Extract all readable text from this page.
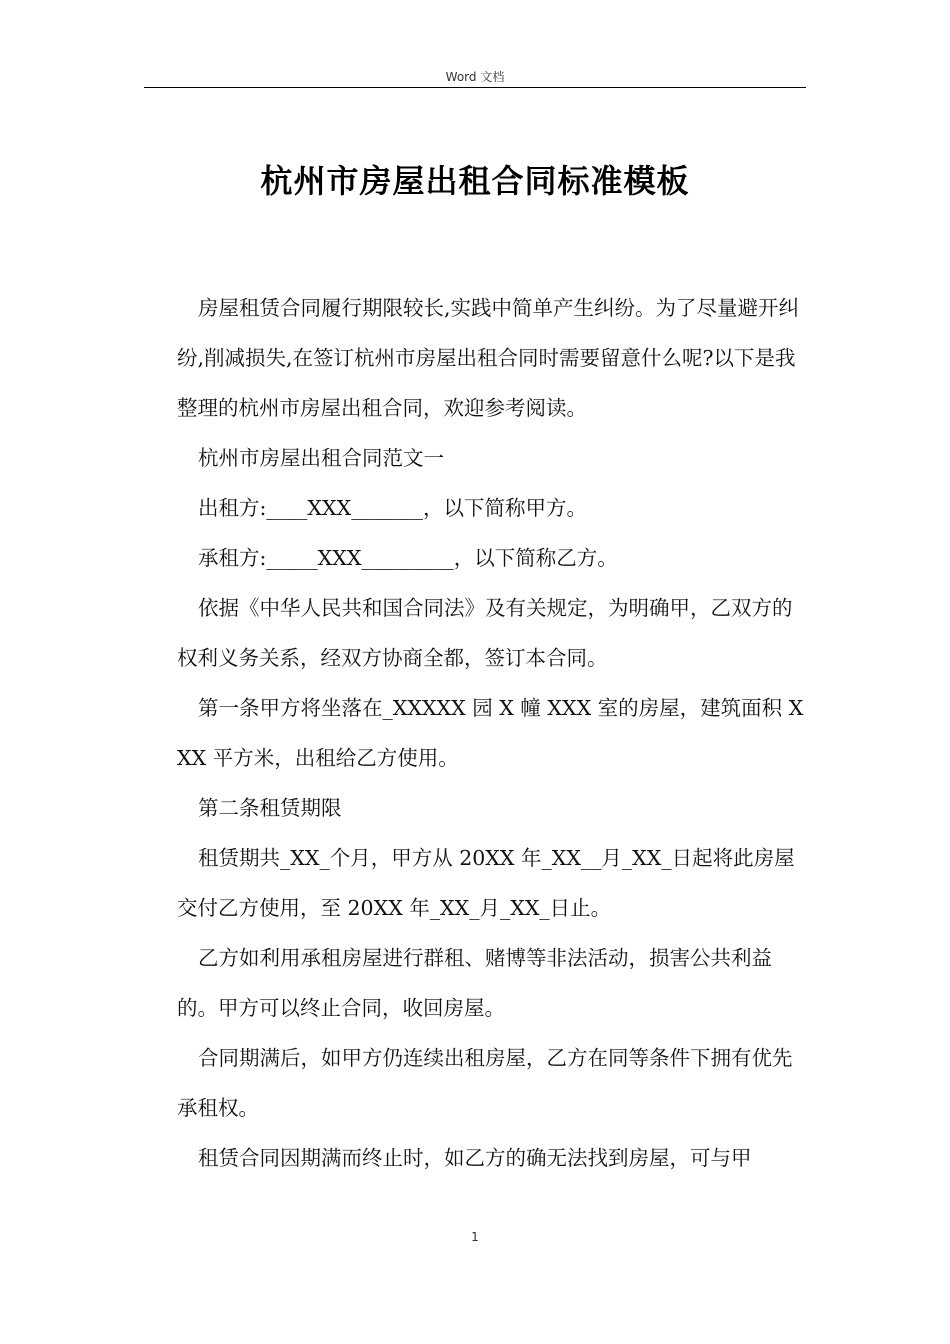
Word 文档
杭州市房屋出租合同标准模板

房屋租赁合同履行期限较长,实践中简单产生纠纷。为了尽量避开纠纷,削减损失,在签订杭州市房屋出租合同时需要留意什么呢?以下是我整理的杭州市房屋出租合同，欢迎参考阅读。

杭州市房屋出租合同范文一

出租方:____XXX_______，以下简称甲方。

承租方:_____XXX_________，以下简称乙方。

依据《中华人民共和国合同法》及有关规定，为明确甲，乙双方的权利义务关系，经双方协商全都，签订本合同。

第一条甲方将坐落在_XXXXX 园 X 幢 XXX 室的房屋，建筑面积 XXX 平方米，出租给乙方使用。

第二条租赁期限

租赁期共_XX_个月，甲方从 20XX 年_XX__月_XX_日起将此房屋交付乙方使用，至 20XX 年_XX_月_XX_日止。

乙方如利用承租房屋进行群租、赌博等非法活动，损害公共利益的。甲方可以终止合同，收回房屋。

合同期满后，如甲方仍连续出租房屋，乙方在同等条件下拥有优先承租权。

租赁合同因期满而终止时，如乙方的确无法找到房屋，可与甲

1
